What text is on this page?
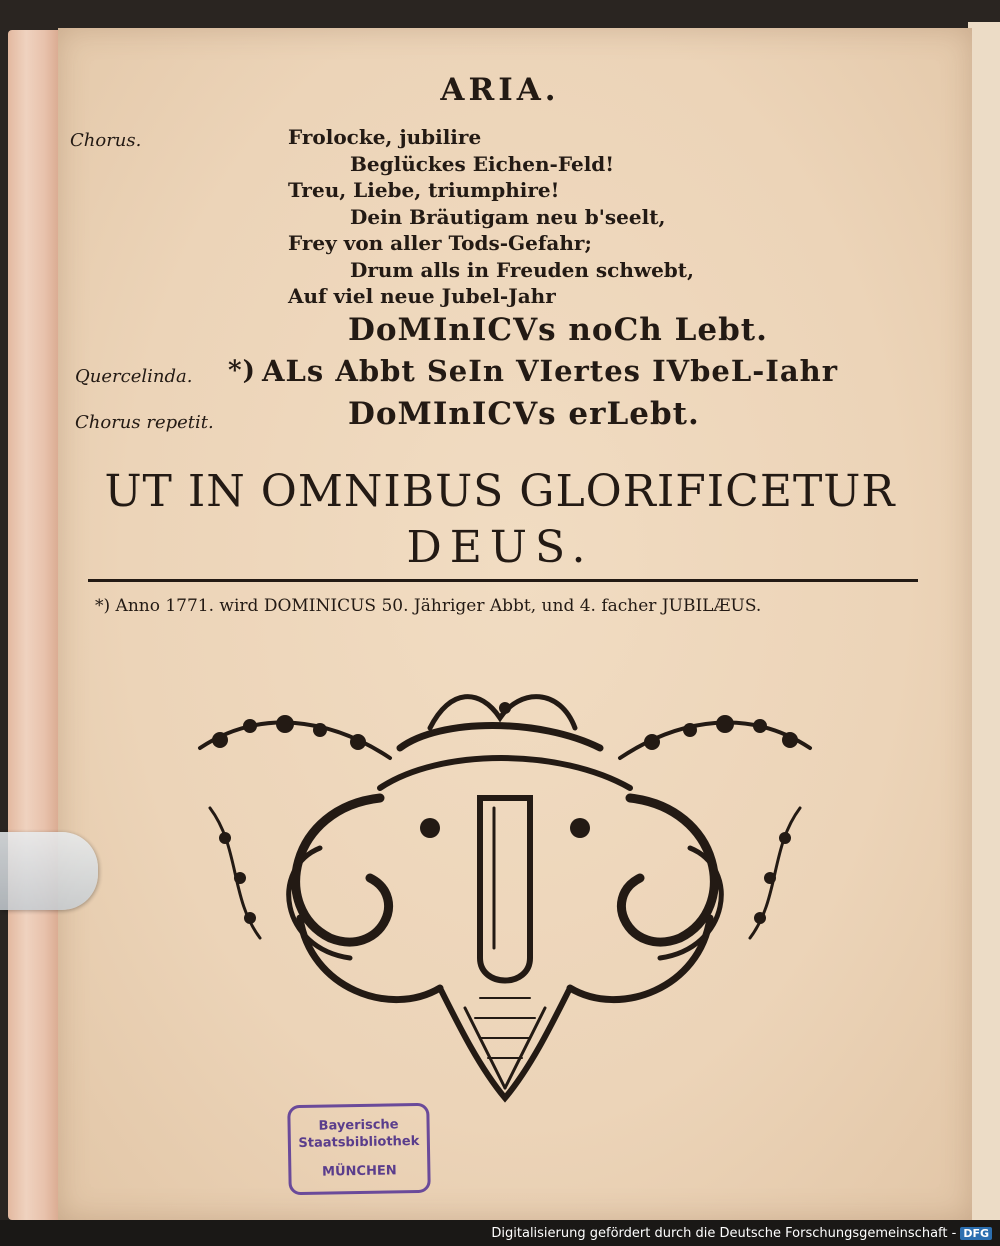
ARIA.
Chorus.	Frolocke, jubilire
Beglückes Eichen-Feld!
Treu, Liebe, triumphire!
Dein Bräutigam neu b'seelt,
Frey von aller Tods-Gefahr;
Drum alls in Freuden schwebt,
Auf viel neue Jubel-Jahr
DoMInICVs noCh Lebt.
Quercelinda. *) ALs Abbt SeIn VIertes IVbeL-Iahr
Chorus repetit.	DoMInICVs erLebt.
UT IN OMNIBUS GLORIFICETUR
DEUS.
*) Anno 1771. wird DOMINICUS 50. Jähriger Abbt, und 4. facher JUBILÆUS.
Bayerische
Staatsbibliothek
MÜNCHEN
Digitalisierung gefördert durch die Deutsche Forschungsgemeinschaft - DFG
